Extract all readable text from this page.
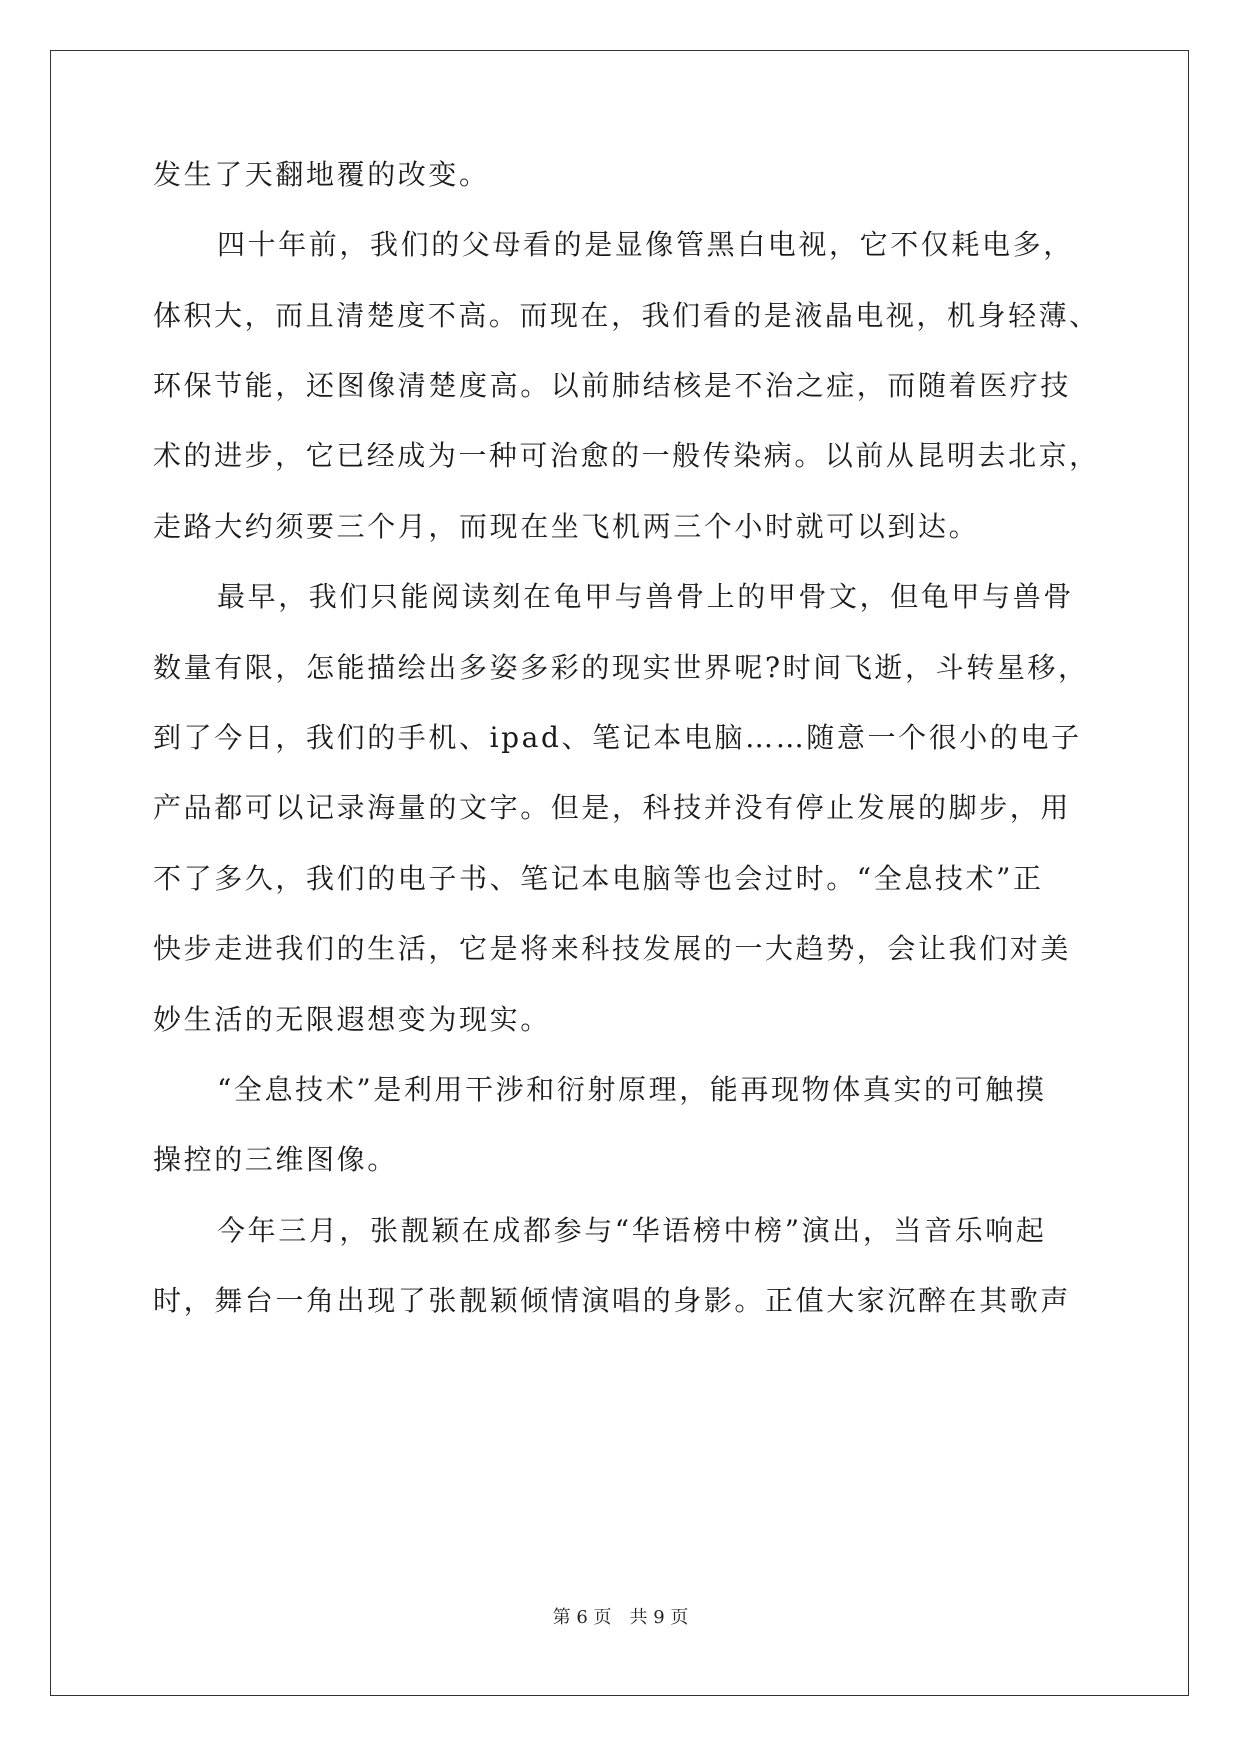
发生了天翻地覆的改变。

四十年前，我们的父母看的是显像管黑白电视，它不仅耗电多，

体积大，而且清楚度不高。而现在，我们看的是液晶电视，机身轻薄、

环保节能，还图像清楚度高。以前肺结核是不治之症，而随着医疗技

术的进步，它已经成为一种可治愈的一般传染病。以前从昆明去北京，

走路大约须要三个月，而现在坐飞机两三个小时就可以到达。

最早，我们只能阅读刻在龟甲与兽骨上的甲骨文，但龟甲与兽骨

数量有限，怎能描绘出多姿多彩的现实世界呢?时间飞逝，斗转星移，

到了今日，我们的手机、ipad、笔记本电脑……随意一个很小的电子

产品都可以记录海量的文字。但是，科技并没有停止发展的脚步，用

不了多久，我们的电子书、笔记本电脑等也会过时。“全息技术”正

快步走进我们的生活，它是将来科技发展的一大趋势，会让我们对美

妙生活的无限遐想变为现实。

“全息技术”是利用干涉和衍射原理，能再现物体真实的可触摸

操控的三维图像。

今年三月，张靓颖在成都参与“华语榜中榜”演出，当音乐响起

时，舞台一角出现了张靓颖倾情演唱的身影。正值大家沉醉在其歌声

第 6 页 共 9 页
